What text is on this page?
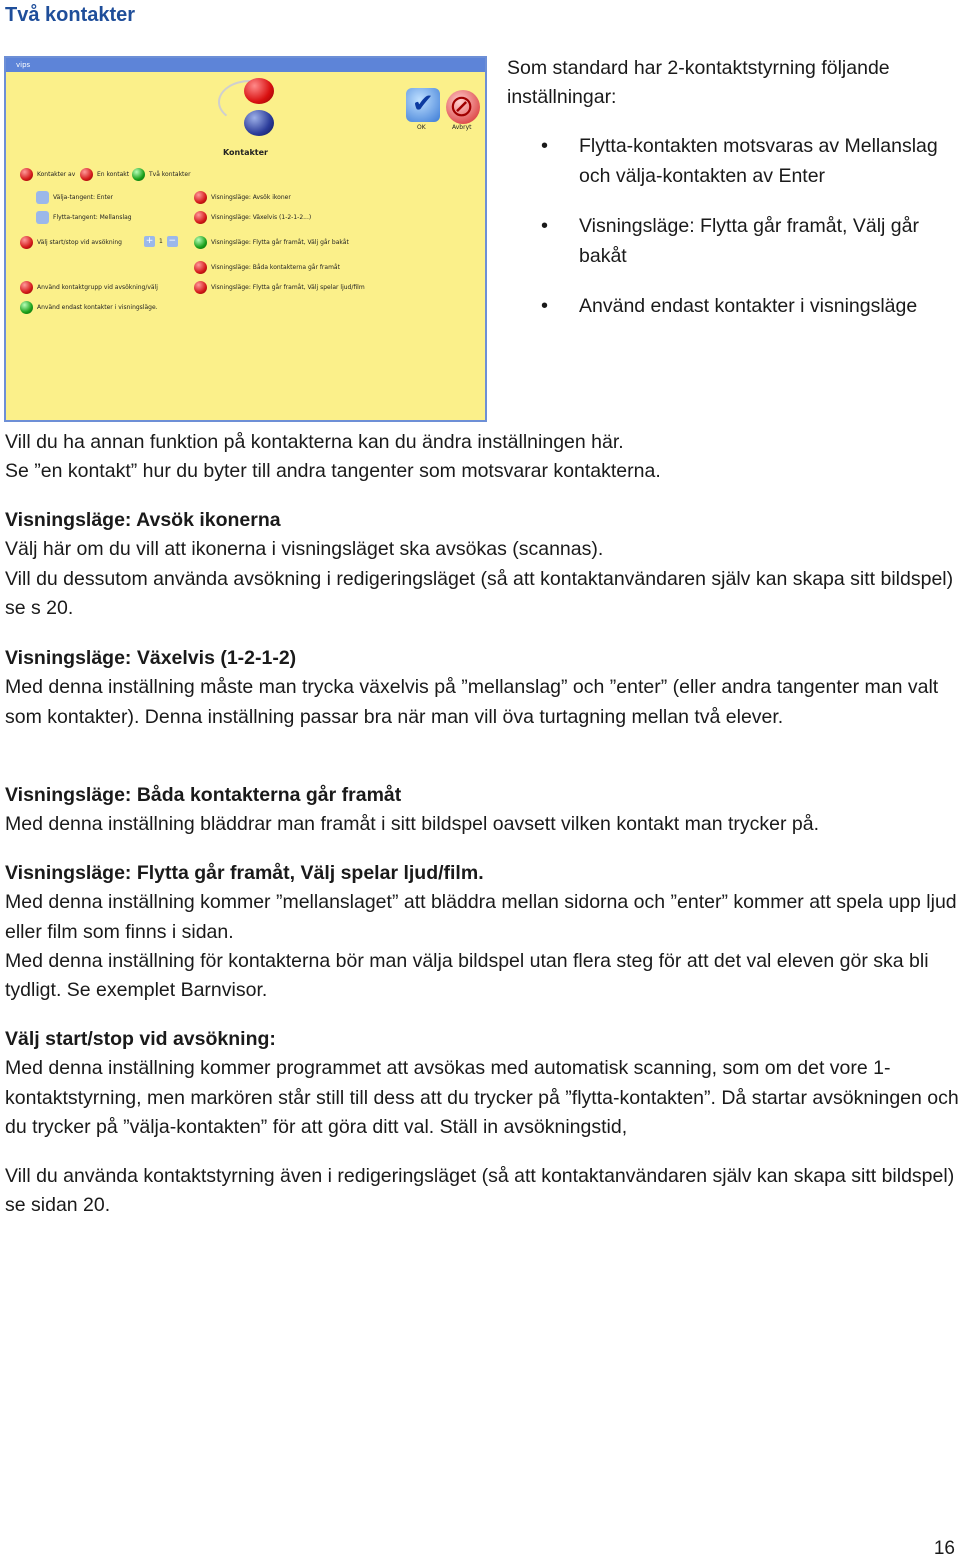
Två kontakter
vips
✔
OK
⊘	Avbryt
Kontakter
Kontakter av	En kontakt	Två kontakter
Välja-tangent: Enter	Visningsläge: Avsök ikoner
Flytta-tangent: Mellanslag	Visningsläge: Växelvis (1-2-1-2...)
Välj start/stop vid avsökning	+ 1 −	Visningsläge: Flytta går framåt, Välj går bakåt
Visningsläge: Båda kontakterna går framåt
Använd kontaktgrupp vid avsökning/välj	Visningsläge: Flytta går framåt, Välj spelar ljud/film
Använd endast kontakter i visningsläge.
Som standard har 2-kontaktstyrning följande inställningar:
• Flytta-kontakten motsvaras av Mellanslag och välja-kontakten av Enter
• Visningsläge: Flytta går framåt, Välj går bakåt
• Använd endast kontakter i visningsläge
Vill du ha annan funktion på kontakterna kan du ändra inställningen här.
Se ”en kontakt” hur du byter till andra tangenter som motsvarar kontakterna.
Visningsläge: Avsök ikonerna
Välj här om du vill att ikonerna i visningsläget ska avsökas (scannas).
Vill du dessutom använda avsökning i redigeringsläget (så att kontaktanvändaren själv kan skapa sitt bildspel) se s 20.
Visningsläge: Växelvis (1-2-1-2)
Med denna inställning måste man trycka växelvis på ”mellanslag” och ”enter” (eller andra tangenter man valt som kontakter). Denna inställning passar bra när man vill öva turtagning mellan två elever.
Visningsläge: Båda kontakterna går framåt
Med denna inställning bläddrar man framåt i sitt bildspel oavsett vilken kontakt man trycker på.
Visningsläge: Flytta går framåt, Välj spelar ljud/film.
Med denna inställning kommer ”mellanslaget” att bläddra mellan sidorna och ”enter” kommer att spela upp ljud eller film som finns i sidan.
Med denna inställning för kontakterna bör man välja bildspel utan flera steg för att det val eleven gör ska bli tydligt. Se exemplet Barnvisor.
Välj start/stop vid avsökning:
Med denna inställning kommer programmet att avsökas med automatisk scanning, som om det vore 1-kontaktstyrning, men markören står still till dess att du trycker på ”flytta-kontakten”. Då startar avsökningen och du trycker på ”välja-kontakten” för att göra ditt val. Ställ in avsökningstid,
Vill du använda kontaktstyrning även i redigeringsläget (så att kontaktanvändaren själv kan skapa sitt bildspel) se sidan 20.
16
